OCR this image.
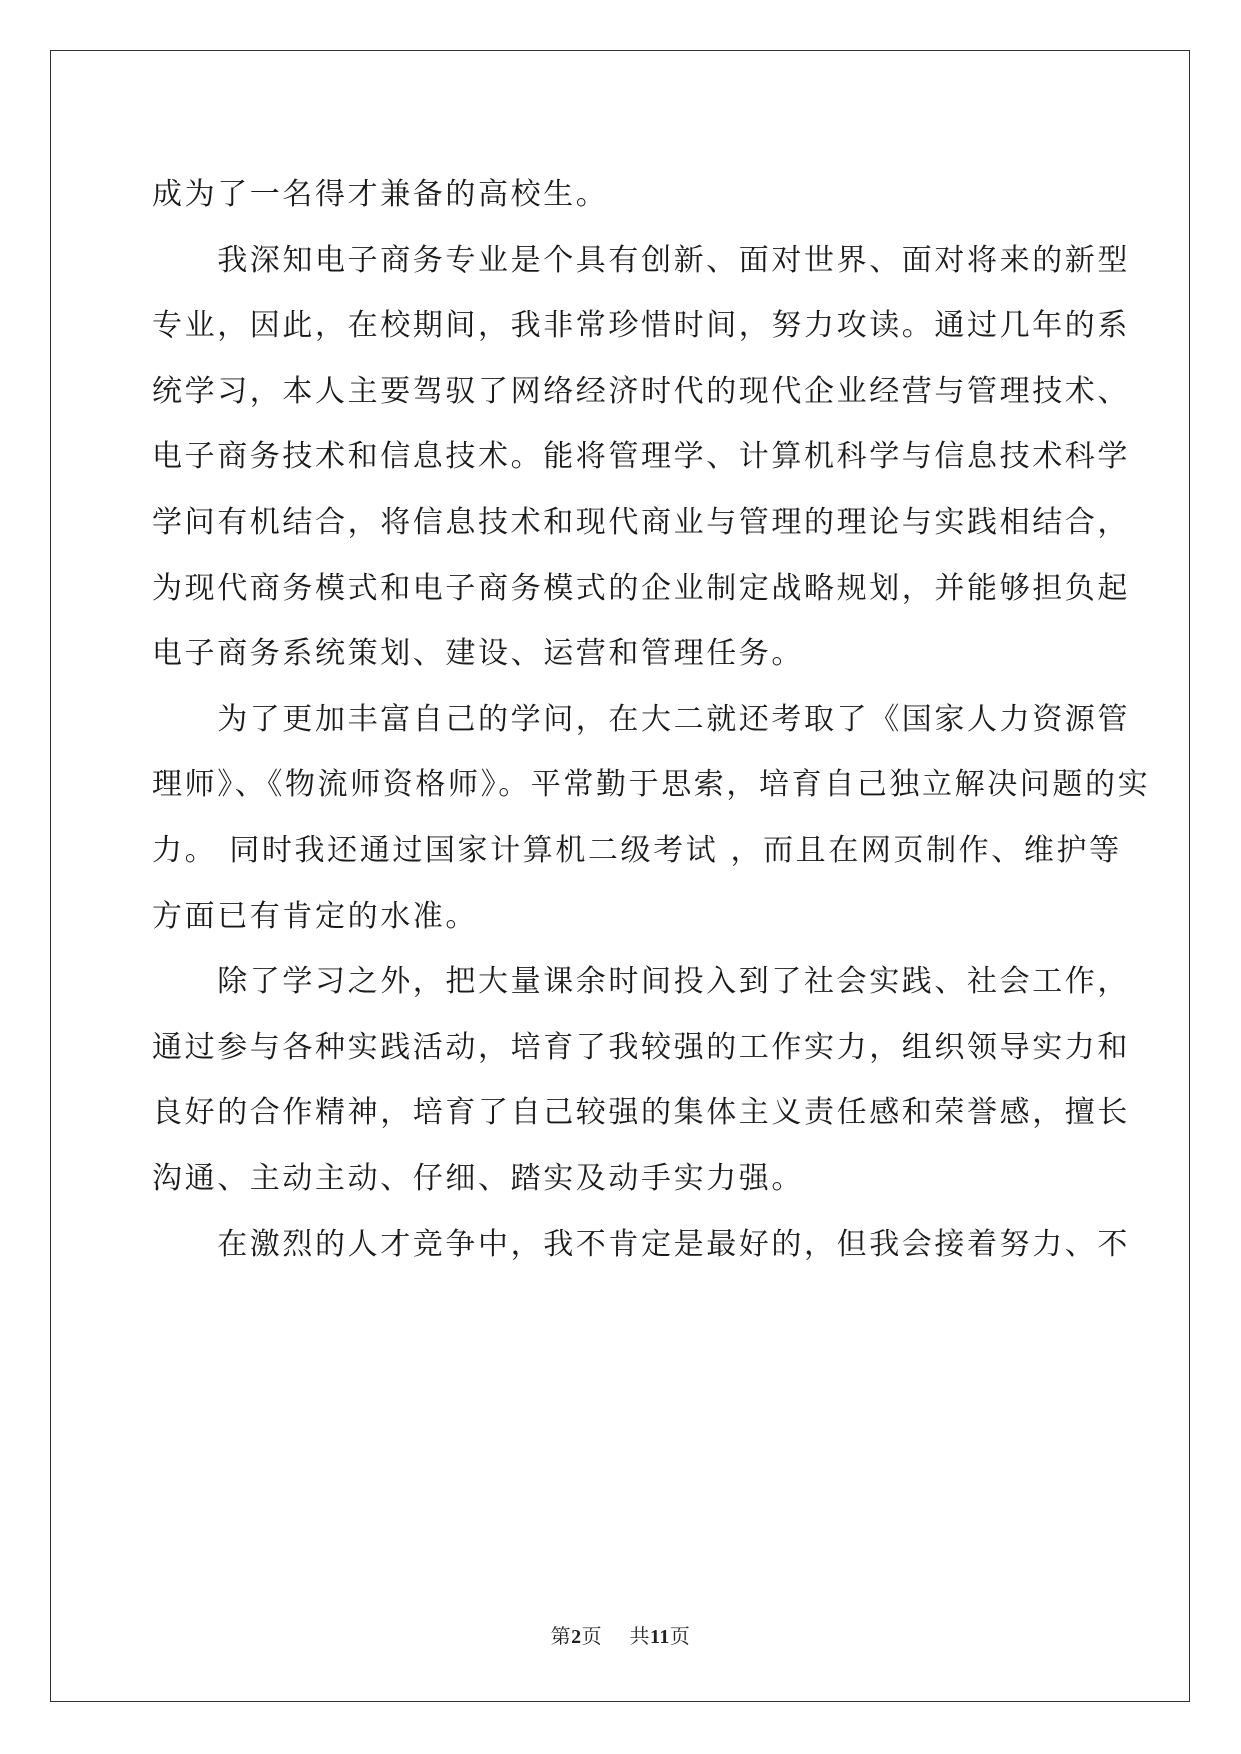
成为了一名得才兼备的高校生。
　　我深知电子商务专业是个具有创新、面对世界、面对将来的新型
专业，因此，在校期间，我非常珍惜时间，努力攻读。通过几年的系
统学习，本人主要驾驭了网络经济时代的现代企业经营与管理技术、
电子商务技术和信息技术。能将管理学、计算机科学与信息技术科学
学问有机结合，将信息技术和现代商业与管理的理论与实践相结合，
为现代商务模式和电子商务模式的企业制定战略规划，并能够担负起
电子商务系统策划、建设、运营和管理任务。
　　为了更加丰富自己的学问，在大二就还考取了《国家人力资源管
理师》、《物流师资格师》。平常勤于思索，培育自己独立解决问题的实
力。 同时我还通过国家计算机二级考试 ，而且在网页制作、维护等
方面已有肯定的水准。
　　除了学习之外，把大量课余时间投入到了社会实践、社会工作，
通过参与各种实践活动，培育了我较强的工作实力，组织领导实力和
良好的合作精神，培育了自己较强的集体主义责任感和荣誉感，擅长
沟通、主动主动、仔细、踏实及动手实力强。
　　在激烈的人才竞争中，我不肯定是最好的，但我会接着努力、不
第2页 共11页
